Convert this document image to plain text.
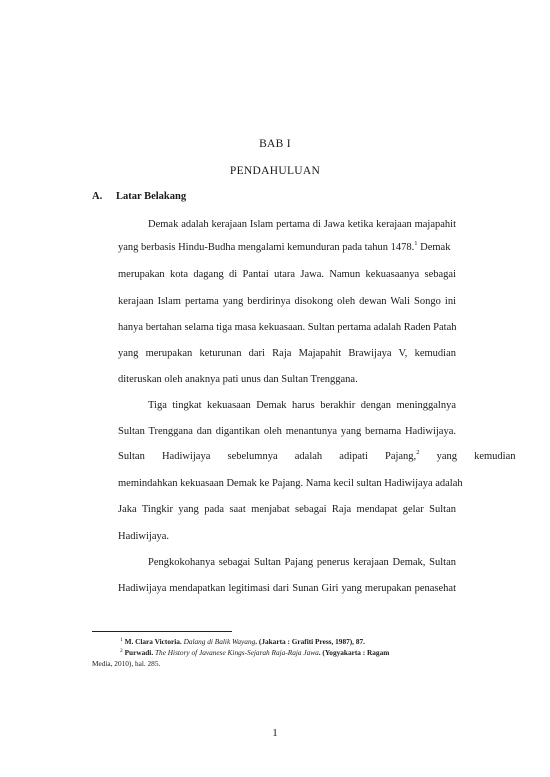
BAB I
PENDAHULUAN
A. Latar Belakang
Demak adalah kerajaan Islam pertama di Jawa ketika kerajaan majapahit
yang berbasis Hindu-Budha mengalami kemunduran pada tahun 1478.$^1$ Demak
merupakan kota dagang di Pantai utara Jawa. Namun kekuasaanya sebagai
kerajaan Islam pertama yang berdirinya disokong oleh dewan Wali Songo ini
hanya bertahan selama tiga masa kekuasaan. Sultan pertama adalah Raden Patah
yang merupakan keturunan dari Raja Majapahit Brawijaya V, kemudian
diteruskan oleh anaknya pati unus dan Sultan Trenggana.
Tiga tingkat kekuasaan Demak harus berakhir dengan meninggalnya
Sultan Trenggana dan digantikan oleh menantunya yang bernama Hadiwijaya.
Sultan Hadiwijaya sebelumnya adalah adipati Pajang,$^2$ yang kemudian
memindahkan kekuasaan Demak ke Pajang. Nama kecil sultan Hadiwijaya adalah
Jaka Tingkir yang pada saat menjabat sebagai Raja mendapat gelar Sultan
Hadiwijaya.
Pengkokohanya sebagai Sultan Pajang penerus kerajaan Demak, Sultan
Hadiwijaya mendapatkan legitimasi dari Sunan Giri yang merupakan penasehat
$^1$ M. Clara Victoria. Dalang di Balik Wayang. (Jakarta : Grafiti Press, 1987), 87.
$^2$ Purwadi. The History of Javanese Kings-Sejarah Raja-Raja Jawa. (Yogyakarta : Ragam
Media, 2010), hal. 285.
1
